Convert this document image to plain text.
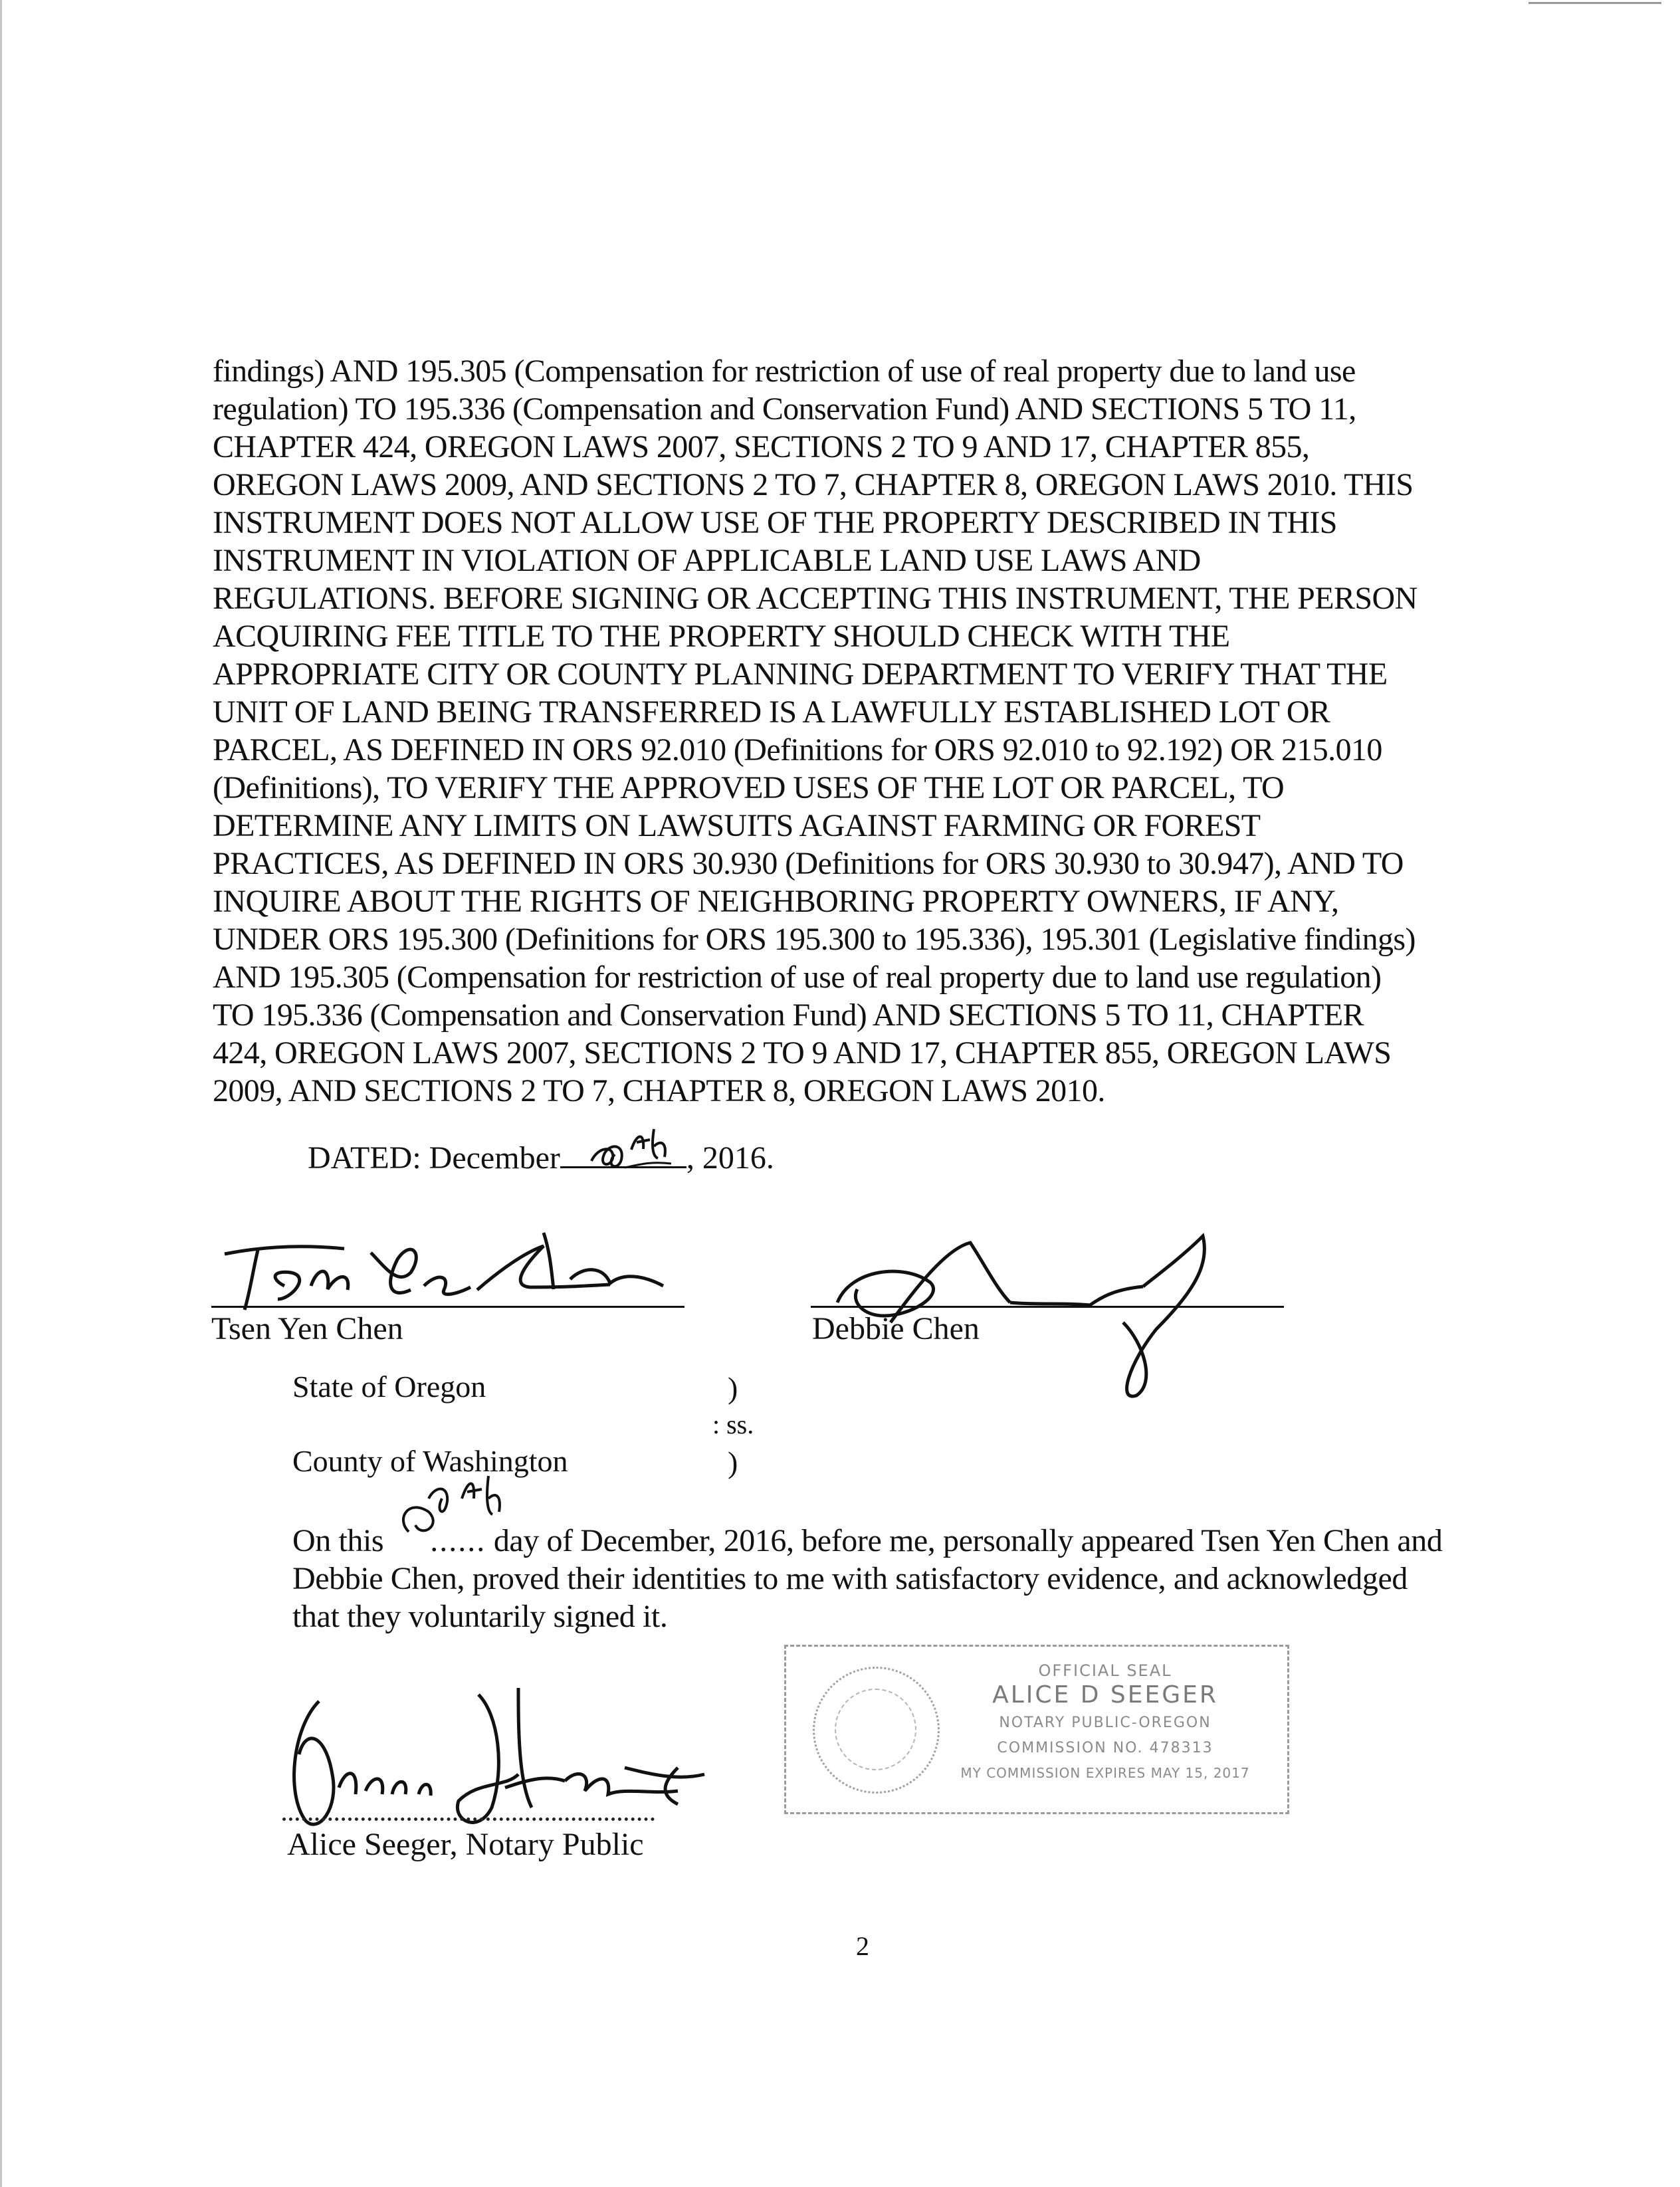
findings) AND 195.305 (Compensation for restriction of use of real property due to land use
regulation) TO 195.336 (Compensation and Conservation Fund) AND SECTIONS 5 TO 11,
CHAPTER 424, OREGON LAWS 2007, SECTIONS 2 TO 9 AND 17, CHAPTER 855,
OREGON LAWS 2009, AND SECTIONS 2 TO 7, CHAPTER 8, OREGON LAWS 2010. THIS
INSTRUMENT DOES NOT ALLOW USE OF THE PROPERTY DESCRIBED IN THIS
INSTRUMENT IN VIOLATION OF APPLICABLE LAND USE LAWS AND
REGULATIONS. BEFORE SIGNING OR ACCEPTING THIS INSTRUMENT, THE PERSON
ACQUIRING FEE TITLE TO THE PROPERTY SHOULD CHECK WITH THE
APPROPRIATE CITY OR COUNTY PLANNING DEPARTMENT TO VERIFY THAT THE
UNIT OF LAND BEING TRANSFERRED IS A LAWFULLY ESTABLISHED LOT OR
PARCEL, AS DEFINED IN ORS 92.010 (Definitions for ORS 92.010 to 92.192) OR 215.010
(Definitions), TO VERIFY THE APPROVED USES OF THE LOT OR PARCEL, TO
DETERMINE ANY LIMITS ON LAWSUITS AGAINST FARMING OR FOREST
PRACTICES, AS DEFINED IN ORS 30.930 (Definitions for ORS 30.930 to 30.947), AND TO
INQUIRE ABOUT THE RIGHTS OF NEIGHBORING PROPERTY OWNERS, IF ANY,
UNDER ORS 195.300 (Definitions for ORS 195.300 to 195.336), 195.301 (Legislative findings)
AND 195.305 (Compensation for restriction of use of real property due to land use regulation)
TO 195.336 (Compensation and Conservation Fund) AND SECTIONS 5 TO 11, CHAPTER
424, OREGON LAWS 2007, SECTIONS 2 TO 9 AND 17, CHAPTER 855, OREGON LAWS
2009, AND SECTIONS 2 TO 7, CHAPTER 8, OREGON LAWS 2010.
DATED: December	, 2016.
Tsen Yen Chen	Debbie Chen
State of Oregon	)
: ss.
County of Washington	)
On this ...... day of December, 2016, before me, personally appeared Tsen Yen Chen and
Debbie Chen, proved their identities to me with satisfactory evidence, and acknowledged
that they voluntarily signed it.
Alice Seeger, Notary Public
OFFICIAL SEAL
ALICE D SEEGER
NOTARY PUBLIC-OREGON
COMMISSION NO. 478313
MY COMMISSION EXPIRES MAY 15, 2017
2
